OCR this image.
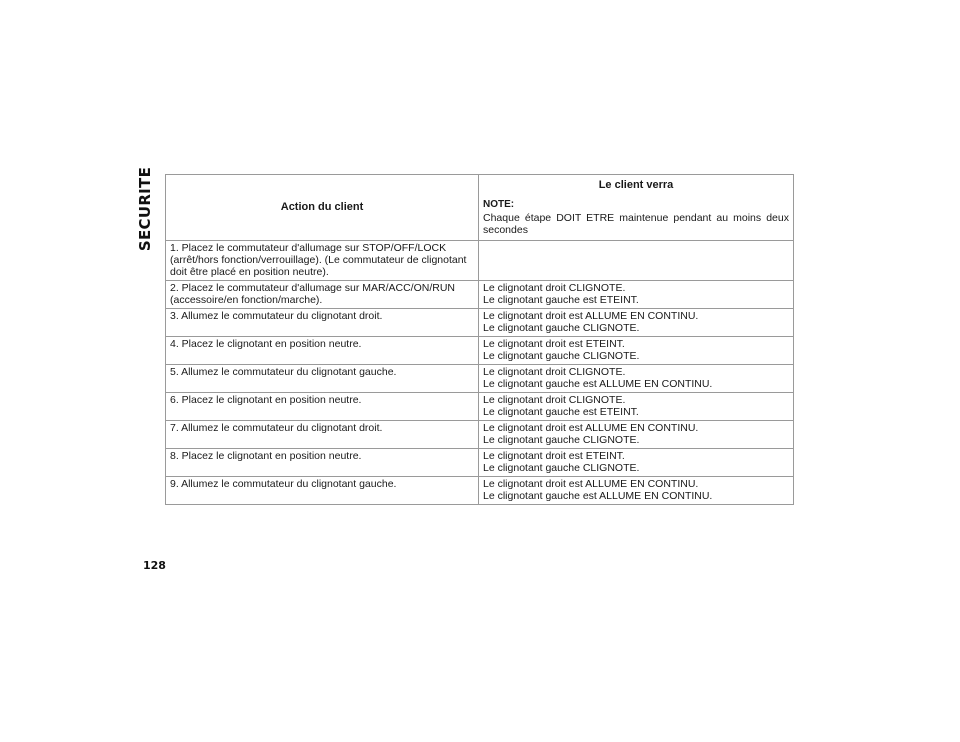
SECURITE	Action du client	Le client verra
NOTE:
Chaque étape DOIT ETRE maintenue pendant au moins deux secondes

1. Placez le commutateur d'allumage sur STOP/OFF/LOCK (arrêt/hors fonction/verrouillage). (Le commutateur de clignotant doit être placé en position neutre).	

2. Placez le commutateur d'allumage sur MAR/ACC/ON/RUN (accessoire/en fonction/marche).	Le clignotant droit CLIGNOTE.
Le clignotant gauche est ETEINT.

3. Allumez le commutateur du clignotant droit.	Le clignotant droit est ALLUME EN CONTINU.
Le clignotant gauche CLIGNOTE.

4. Placez le clignotant en position neutre.	Le clignotant droit est ETEINT.
Le clignotant gauche CLIGNOTE.

5. Allumez le commutateur du clignotant gauche.	Le clignotant droit CLIGNOTE.
Le clignotant gauche est ALLUME EN CONTINU.

6. Placez le clignotant en position neutre.	Le clignotant droit CLIGNOTE.
Le clignotant gauche est ETEINT.

7. Allumez le commutateur du clignotant droit.	Le clignotant droit est ALLUME EN CONTINU.
Le clignotant gauche CLIGNOTE.

8. Placez le clignotant en position neutre.	Le clignotant droit est ETEINT.
Le clignotant gauche CLIGNOTE.

9. Allumez le commutateur du clignotant gauche.	Le clignotant droit est ALLUME EN CONTINU.
Le clignotant gauche est ALLUME EN CONTINU.
128
